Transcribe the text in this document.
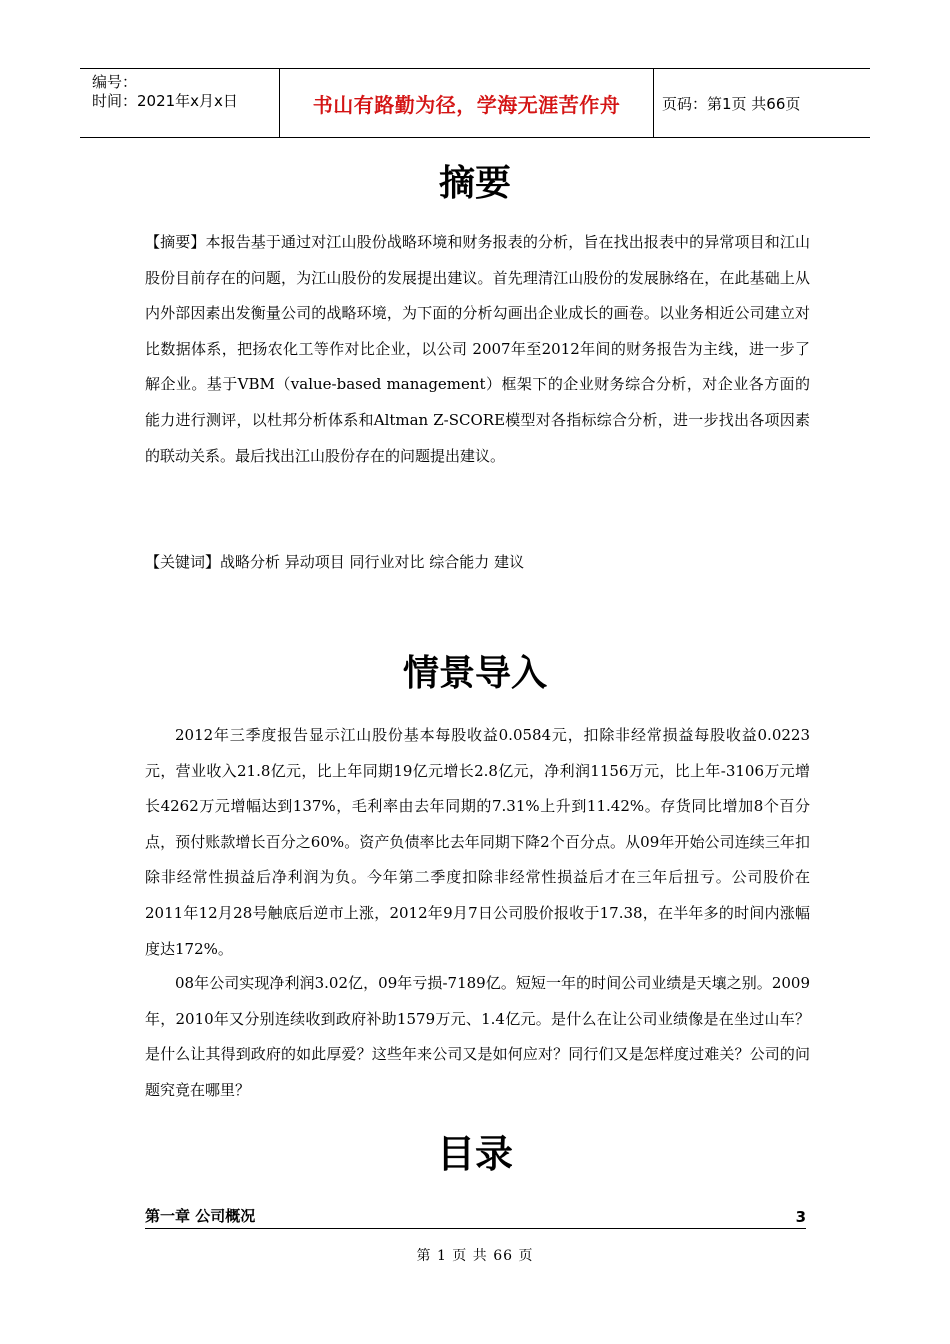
编号：
时间：2021年x月x日	书山有路勤为径，学海无涯苦作舟	页码：第1页 共66页
摘要

【摘要】本报告基于通过对江山股份战略环境和财务报表的分析，旨在找出报表中的异常项目和江山股份目前存在的问题，为江山股份的发展提出建议。首先理清江山股份的发展脉络在，在此基础上从内外部因素出发衡量公司的战略环境，为下面的分析勾画出企业成长的画卷。以业务相近公司建立对比数据体系，把扬农化工等作对比企业，以公司 2007年至2012年间的财务报告为主线，进一步了解企业。基于VBM（value-based management）框架下的企业财务综合分析，对企业各方面的能力进行测评，以杜邦分析体系和Altman Z-SCORE模型对各指标综合分析，进一步找出各项因素的联动关系。最后找出江山股份存在的问题提出建议。

【关键词】战略分析 异动项目 同行业对比 综合能力 建议

情景导入

2012年三季度报告显示江山股份基本每股收益0.0584元，扣除非经常损益每股收益0.0223元，营业收入21.8亿元，比上年同期19亿元增长2.8亿元，净利润1156万元，比上年-3106万元增长4262万元增幅达到137%，毛利率由去年同期的7.31%上升到11.42%。存货同比增加8个百分点，预付账款增长百分之60%。资产负债率比去年同期下降2个百分点。从09年开始公司连续三年扣除非经常性损益后净利润为负。今年第二季度扣除非经常性损益后才在三年后扭亏。公司股价在2011年12月28号触底后逆市上涨，2012年9月7日公司股价报收于17.38，在半年多的时间内涨幅度达172%。

08年公司实现净利润3.02亿，09年亏损-7189亿。短短一年的时间公司业绩是天壤之别。2009年，2010年又分别连续收到政府补助1579万元、1.4亿元。是什么在让公司业绩像是在坐过山车？是什么让其得到政府的如此厚爱？这些年来公司又是如何应对？同行们又是怎样度过难关？公司的问题究竟在哪里？

目录
第一章 公司概况	3
第 1 页 共 66 页
